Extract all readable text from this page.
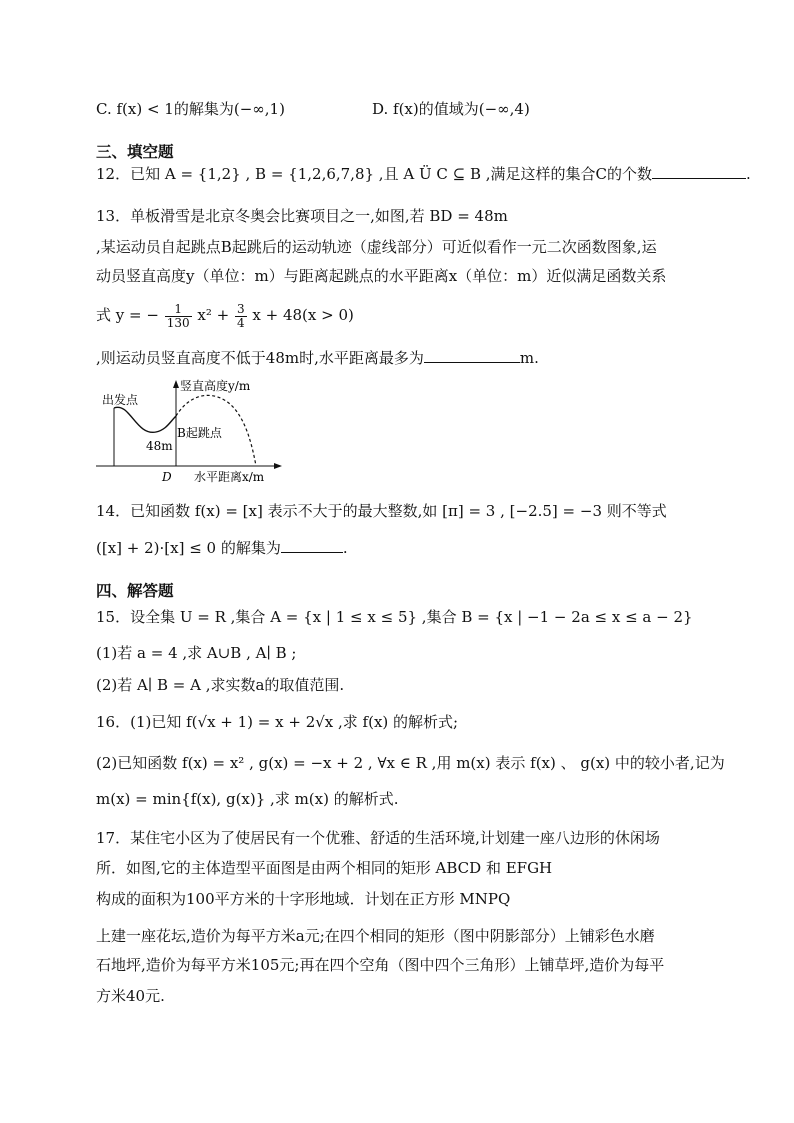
C. f(x) < 1的解集为(−∞,1)	D. f(x)的值域为(−∞,4)
三、填空题
12．已知 A = {1,2} , B = {1,2,6,7,8} ,且 A Ü C ⊆ B ,满足这样的集合C的个数	.
13．单板滑雪是北京冬奥会比赛项目之一,如图,若 BD = 48m
,某运动员自起跳点B起跳后的运动轨迹（虚线部分）可近似看作一元二次函数图象,运
动员竖直高度y（单位：m）与距离起跳点的水平距离x（单位：m）近似满足函数关系
式 y = − $\frac{1}{130} x^2 + \frac{3}{4}$ x + 48(x > 0)
,则运动员竖直高度不低于48m时,水平距离最多为	m.
出发点
竖直高度y/m
48m
B起跳点
D 水平距离x/m
14．已知函数 f(x) = [x] 表示不大于的最大整数,如 [π] = 3 , [−2.5] = −3 则不等式
([x] + 2)·[x] ≤ 0 的解集为	.
四、解答题
15．设全集 U = R ,集合 A = {x | 1 ≤ x ≤ 5} ,集合 B = {x | −1 − 2a ≤ x ≤ a − 2}
(1)若 a = 4 ,求 A∪B , A∣ B ;
(2)若 A∣ B = A ,求实数a的取值范围.
16．(1)已知 f(√x + 1) = x + 2√x ,求 f(x) 的解析式;
(2)已知函数 f(x) = x² , g(x) = −x + 2 , ∀x ∈ R ,用 m(x) 表示 f(x) 、 g(x) 中的较小者,记为
m(x) = min{f(x), g(x)} ,求 m(x) 的解析式.
17．某住宅小区为了使居民有一个优雅、舒适的生活环境,计划建一座八边形的休闲场
所．如图,它的主体造型平面图是由两个相同的矩形 ABCD 和 EFGH
构成的面积为100平方米的十字形地域．计划在正方形 MNPQ
上建一座花坛,造价为每平方米a元;在四个相同的矩形（图中阴影部分）上铺彩色水磨
石地坪,造价为每平方米105元;再在四个空角（图中四个三角形）上铺草坪,造价为每平
方米40元.
